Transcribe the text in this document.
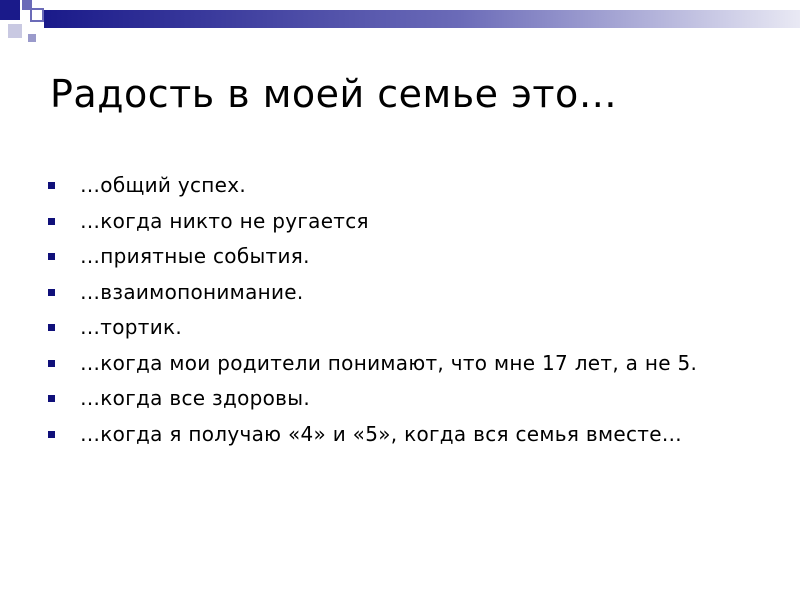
Радость в моей семье это…
…общий успех.
…когда никто не ругается
…приятные события.
…взаимопонимание.
…тортик.
…когда мои родители понимают, что мне 17 лет, а не 5.
…когда все здоровы.
…когда я получаю «4» и «5», когда вся семья вместе…
